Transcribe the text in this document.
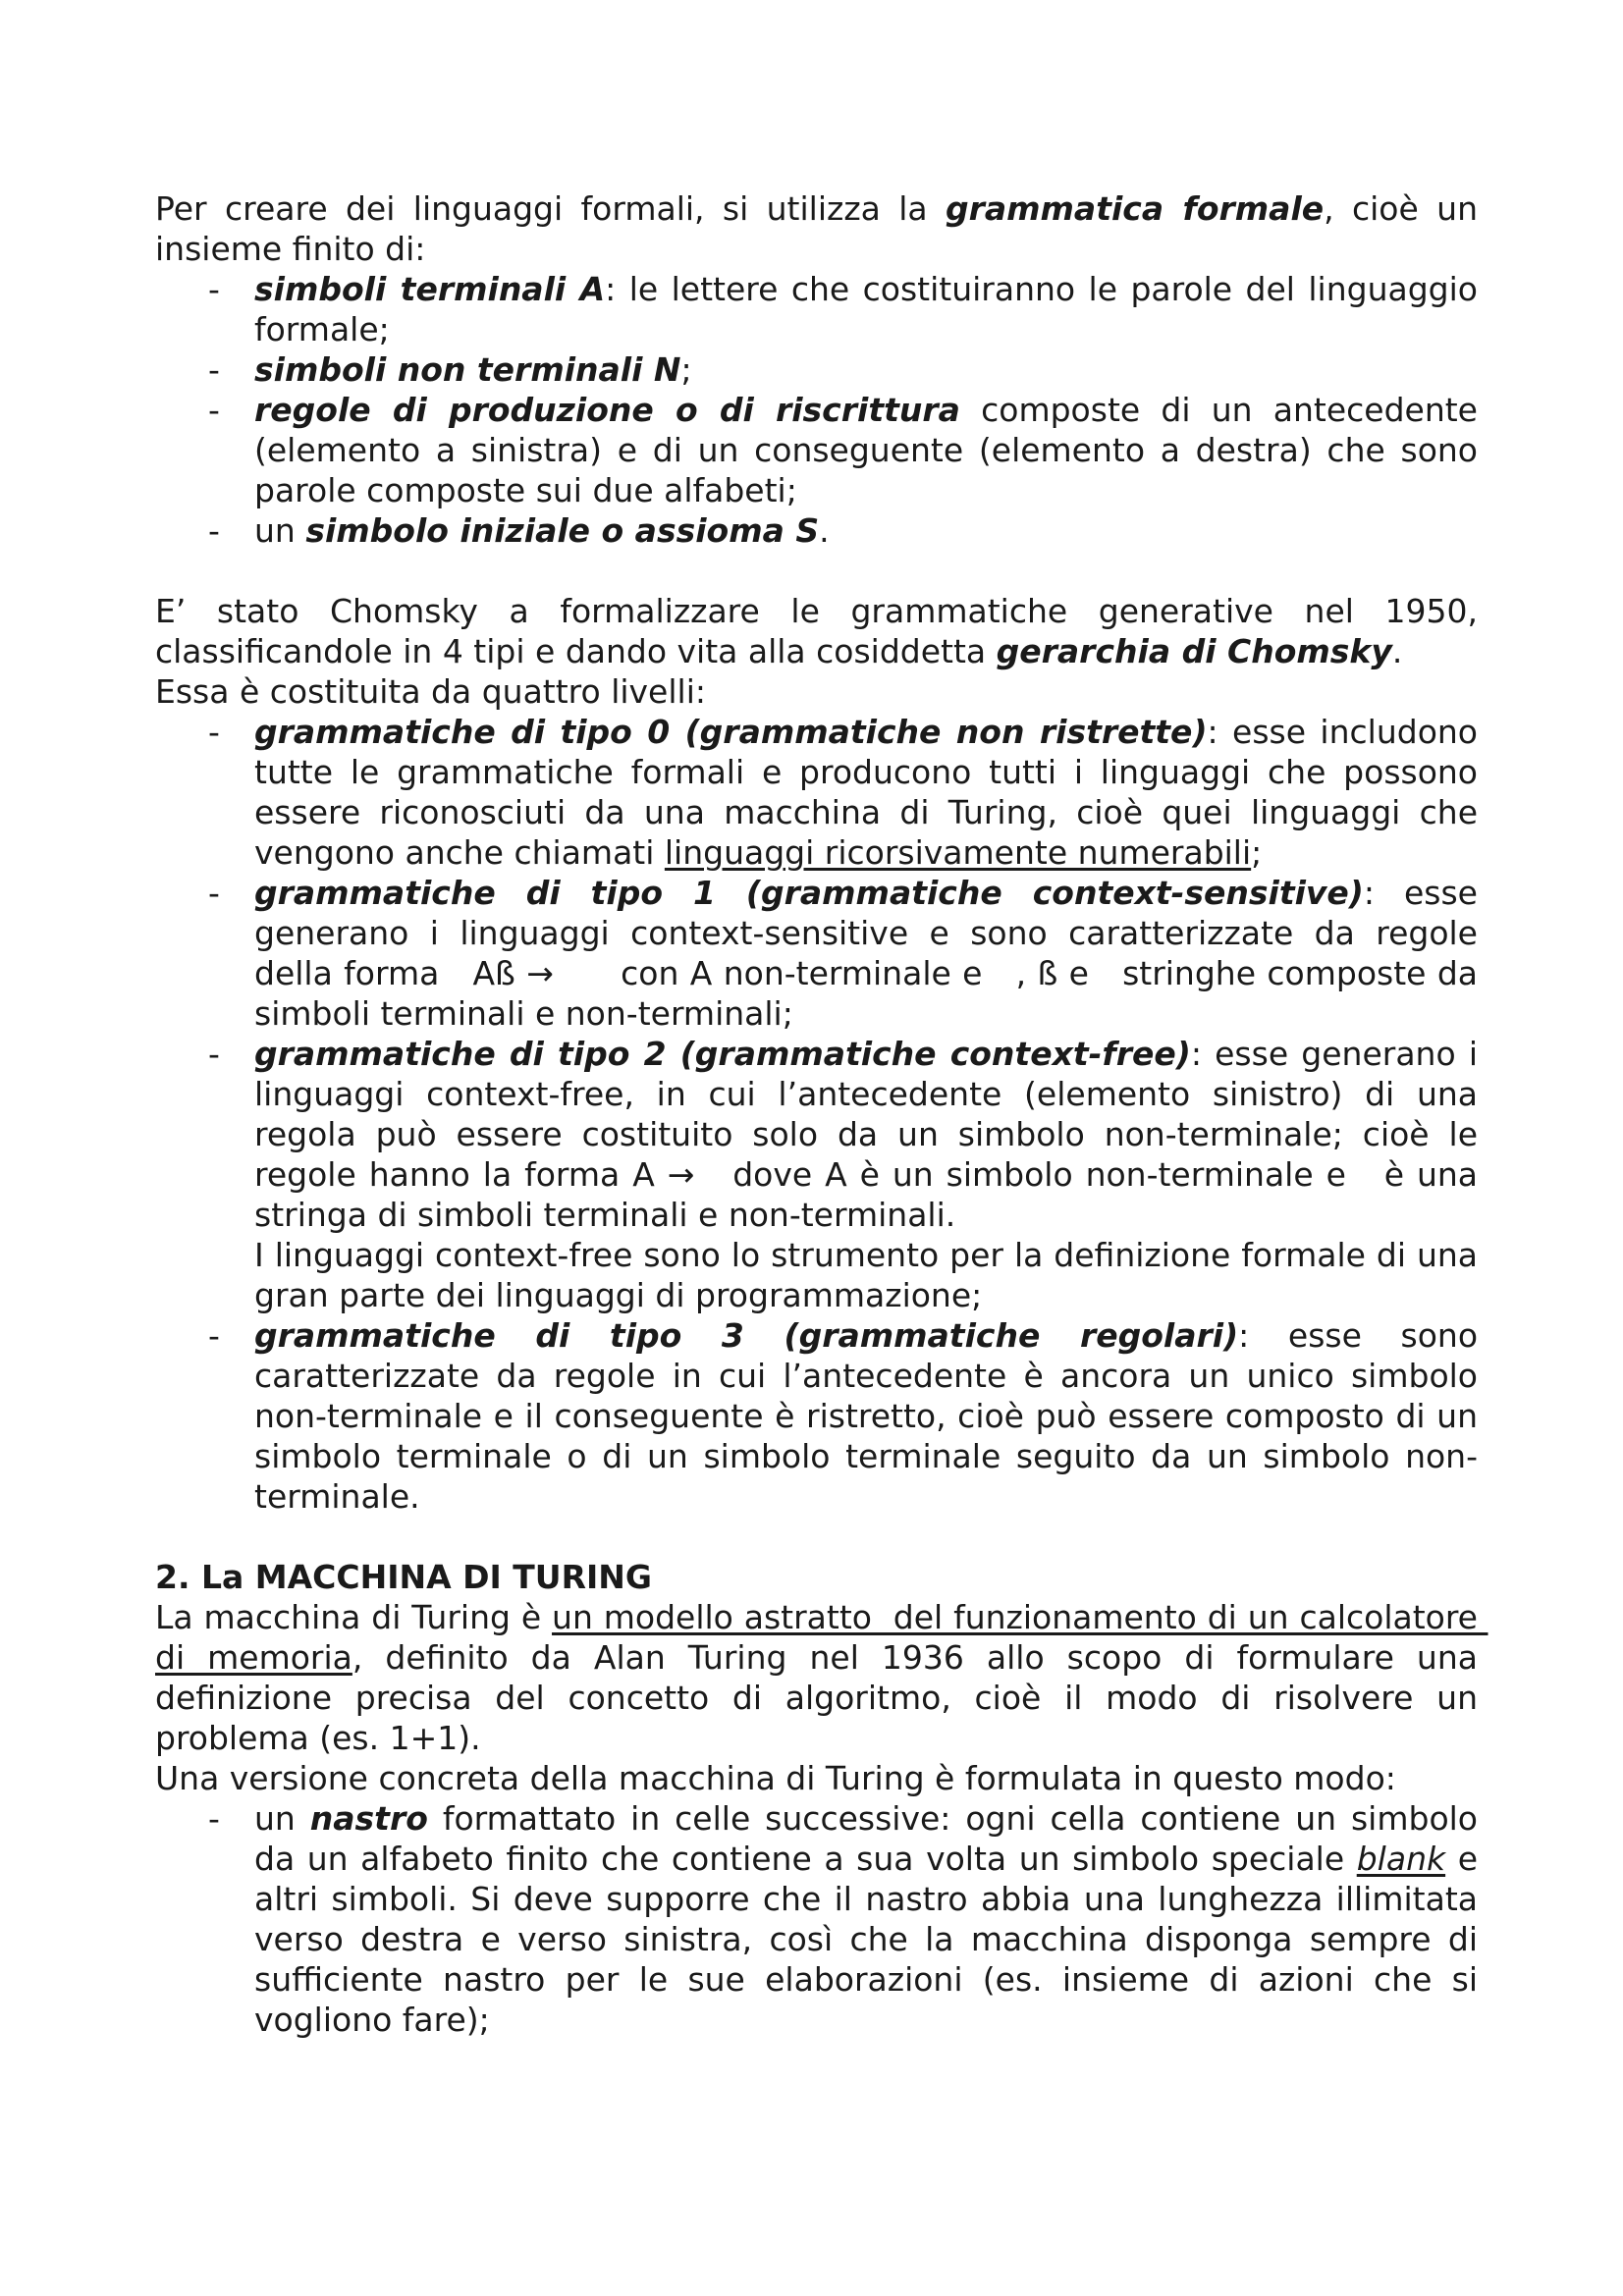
Per creare dei linguaggi formali, si utilizza la grammatica formale, cioè un insieme finito di:

- simboli terminali A: le lettere che costituiranno le parole del linguaggio formale;
- simboli non terminali N;
- regole di produzione o di riscrittura composte di un antecedente (elemento a sinistra) e di un conseguente (elemento a destra) che sono parole composte sui due alfabeti;
- un simbolo iniziale o assioma S.

E’ stato Chomsky a formalizzare le grammatiche generative nel 1950, classificandole in 4 tipi e dando vita alla cosiddetta gerarchia di Chomsky.

Essa è costituita da quattro livelli:

- grammatiche di tipo 0 (grammatiche non ristrette): esse includono tutte le grammatiche formali e producono tutti i linguaggi che possono essere riconosciuti da una macchina di Turing, cioè quei linguaggi che vengono anche chiamati linguaggi ricorsivamente numerabili;
- grammatiche di tipo 1 (grammatiche context-sensitive): esse generano i linguaggi context-sensitive e sono caratterizzate da regole della forma   Aß →      con A non-terminale e   , ß e   stringhe composte da simboli terminali e non-terminali;
- grammatiche di tipo 2 (grammatiche context-free): esse generano i linguaggi context-free, in cui l’antecedente (elemento sinistro) di una regola può essere costituito solo da un simbolo non-terminale; cioè le regole hanno la forma A →   dove A è un simbolo non-terminale e   è una stringa di simboli terminali e non-terminali.
I linguaggi context-free sono lo strumento per la definizione formale di una gran parte dei linguaggi di programmazione;
- grammatiche di tipo 3 (grammatiche regolari): esse sono caratterizzate da regole in cui l’antecedente è ancora un unico simbolo non-terminale e il conseguente è ristretto, cioè può essere composto di un simbolo terminale o di un simbolo terminale seguito da un simbolo non-terminale.
2. La MACCHINA DI TURING

La macchina di Turing è un modello astratto  del funzionamento di un calcolatore di memoria, definito da Alan Turing nel 1936 allo scopo di formulare una definizione precisa del concetto di algoritmo, cioè il modo di risolvere un problema (es. 1+1).

Una versione concreta della macchina di Turing è formulata in questo modo:

- un nastro formattato in celle successive: ogni cella contiene un simbolo da un alfabeto finito che contiene a sua volta un simbolo speciale blank e altri simboli. Si deve supporre che il nastro abbia una lunghezza illimitata verso destra e verso sinistra, così che la macchina disponga sempre di sufficiente nastro per le sue elaborazioni (es. insieme di azioni che si vogliono fare);
